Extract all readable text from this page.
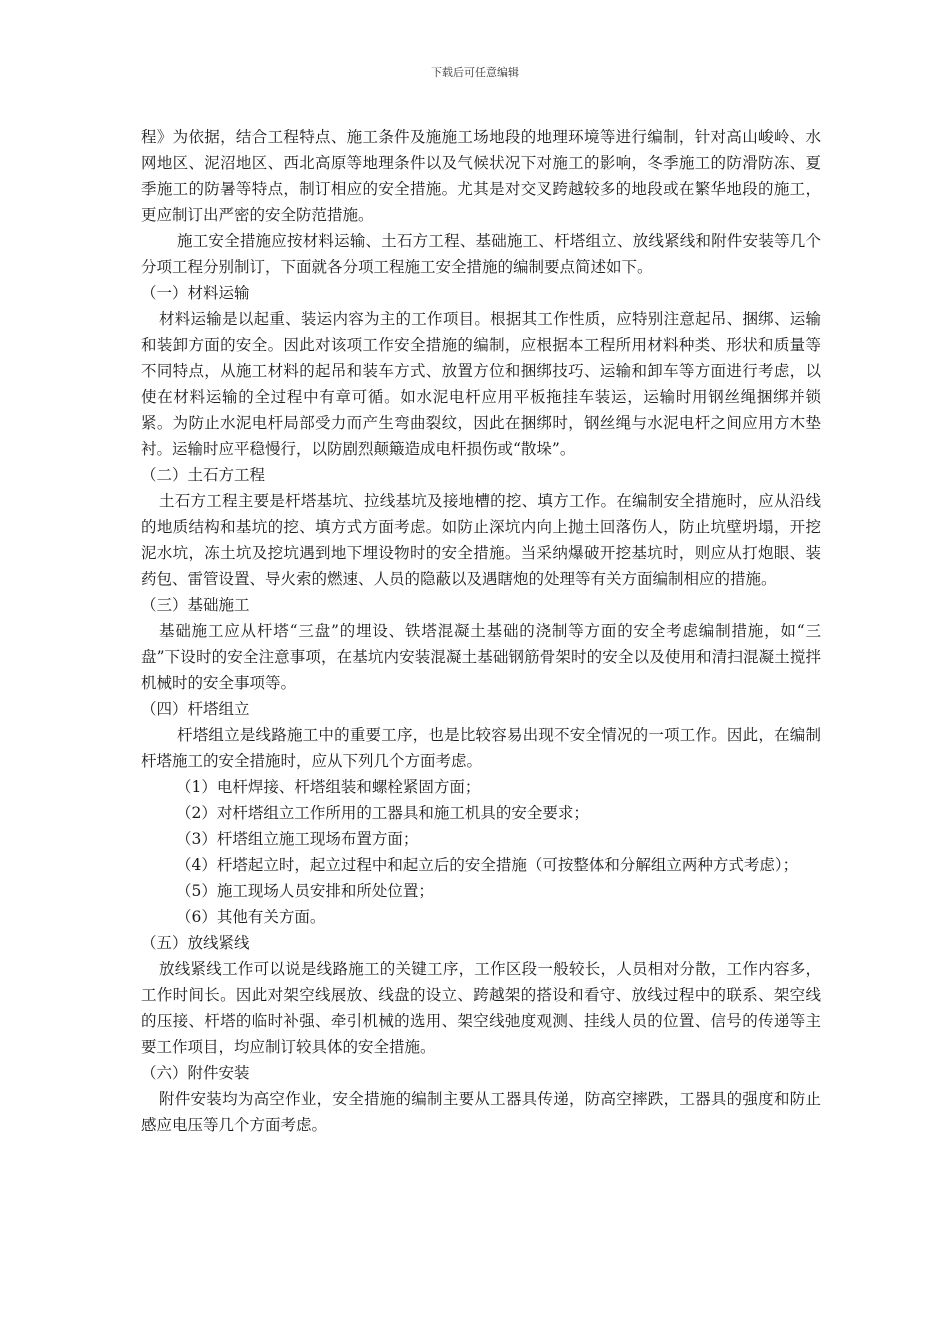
下载后可任意编辑

程》为依据，结合工程特点、施工条件及施施工场地段的地理环境等进行编制，针对高山峻岭、水网地区、泥沼地区、西北高原等地理条件以及气候状况下对施工的影响，冬季施工的防滑防冻、夏季施工的防暑等特点，制订相应的安全措施。尤其是对交叉跨越较多的地段或在繁华地段的施工，更应制订出严密的安全防范措施。

施工安全措施应按材料运输、土石方工程、基础施工、杆塔组立、放线紧线和附件安装等几个分项工程分别制订，下面就各分项工程施工安全措施的编制要点简述如下。

（一）材料运输

材料运输是以起重、装运内容为主的工作项目。根据其工作性质，应特别注意起吊、捆绑、运输和装卸方面的安全。因此对该项工作安全措施的编制，应根据本工程所用材料种类、形状和质量等不同特点，从施工材料的起吊和装车方式、放置方位和捆绑技巧、运输和卸车等方面进行考虑，以使在材料运输的全过程中有章可循。如水泥电杆应用平板拖挂车装运，运输时用钢丝绳捆绑并锁紧。为防止水泥电杆局部受力而产生弯曲裂纹，因此在捆绑时，钢丝绳与水泥电杆之间应用方木垫衬。运输时应平稳慢行，以防剧烈颠簸造成电杆损伤或“散垛”。

（二）土石方工程

土石方工程主要是杆塔基坑、拉线基坑及接地槽的挖、填方工作。在编制安全措施时，应从沿线的地质结构和基坑的挖、填方式方面考虑。如防止深坑内向上抛土回落伤人，防止坑壁坍塌，开挖泥水坑，冻土坑及挖坑遇到地下埋设物时的安全措施。当采纳爆破开挖基坑时，则应从打炮眼、装药包、雷管设置、导火索的燃速、人员的隐蔽以及遇瞎炮的处理等有关方面编制相应的措施。

（三）基础施工

基础施工应从杆塔“三盘”的埋设、铁塔混凝土基础的浇制等方面的安全考虑编制措施，如“三盘”下设时的安全注意事项，在基坑内安装混凝土基础钢筋骨架时的安全以及使用和清扫混凝土搅拌机械时的安全事项等。

（四）杆塔组立

杆塔组立是线路施工中的重要工序，也是比较容易出现不安全情况的一项工作。因此，在编制杆塔施工的安全措施时，应从下列几个方面考虑。

（1）电杆焊接、杆塔组装和螺栓紧固方面；

（2）对杆塔组立工作所用的工器具和施工机具的安全要求；

（3）杆塔组立施工现场布置方面；

（4）杆塔起立时，起立过程中和起立后的安全措施（可按整体和分解组立两种方式考虑）；

（5）施工现场人员安排和所处位置；

（6）其他有关方面。

（五）放线紧线

放线紧线工作可以说是线路施工的关键工序，工作区段一般较长，人员相对分散，工作内容多，工作时间长。因此对架空线展放、线盘的设立、跨越架的搭设和看守、放线过程中的联系、架空线的压接、杆塔的临时补强、牵引机械的选用、架空线弛度观测、挂线人员的位置、信号的传递等主要工作项目，均应制订较具体的安全措施。

（六）附件安装

附件安装均为高空作业，安全措施的编制主要从工器具传递，防高空摔跌，工器具的强度和防止感应电压等几个方面考虑。
